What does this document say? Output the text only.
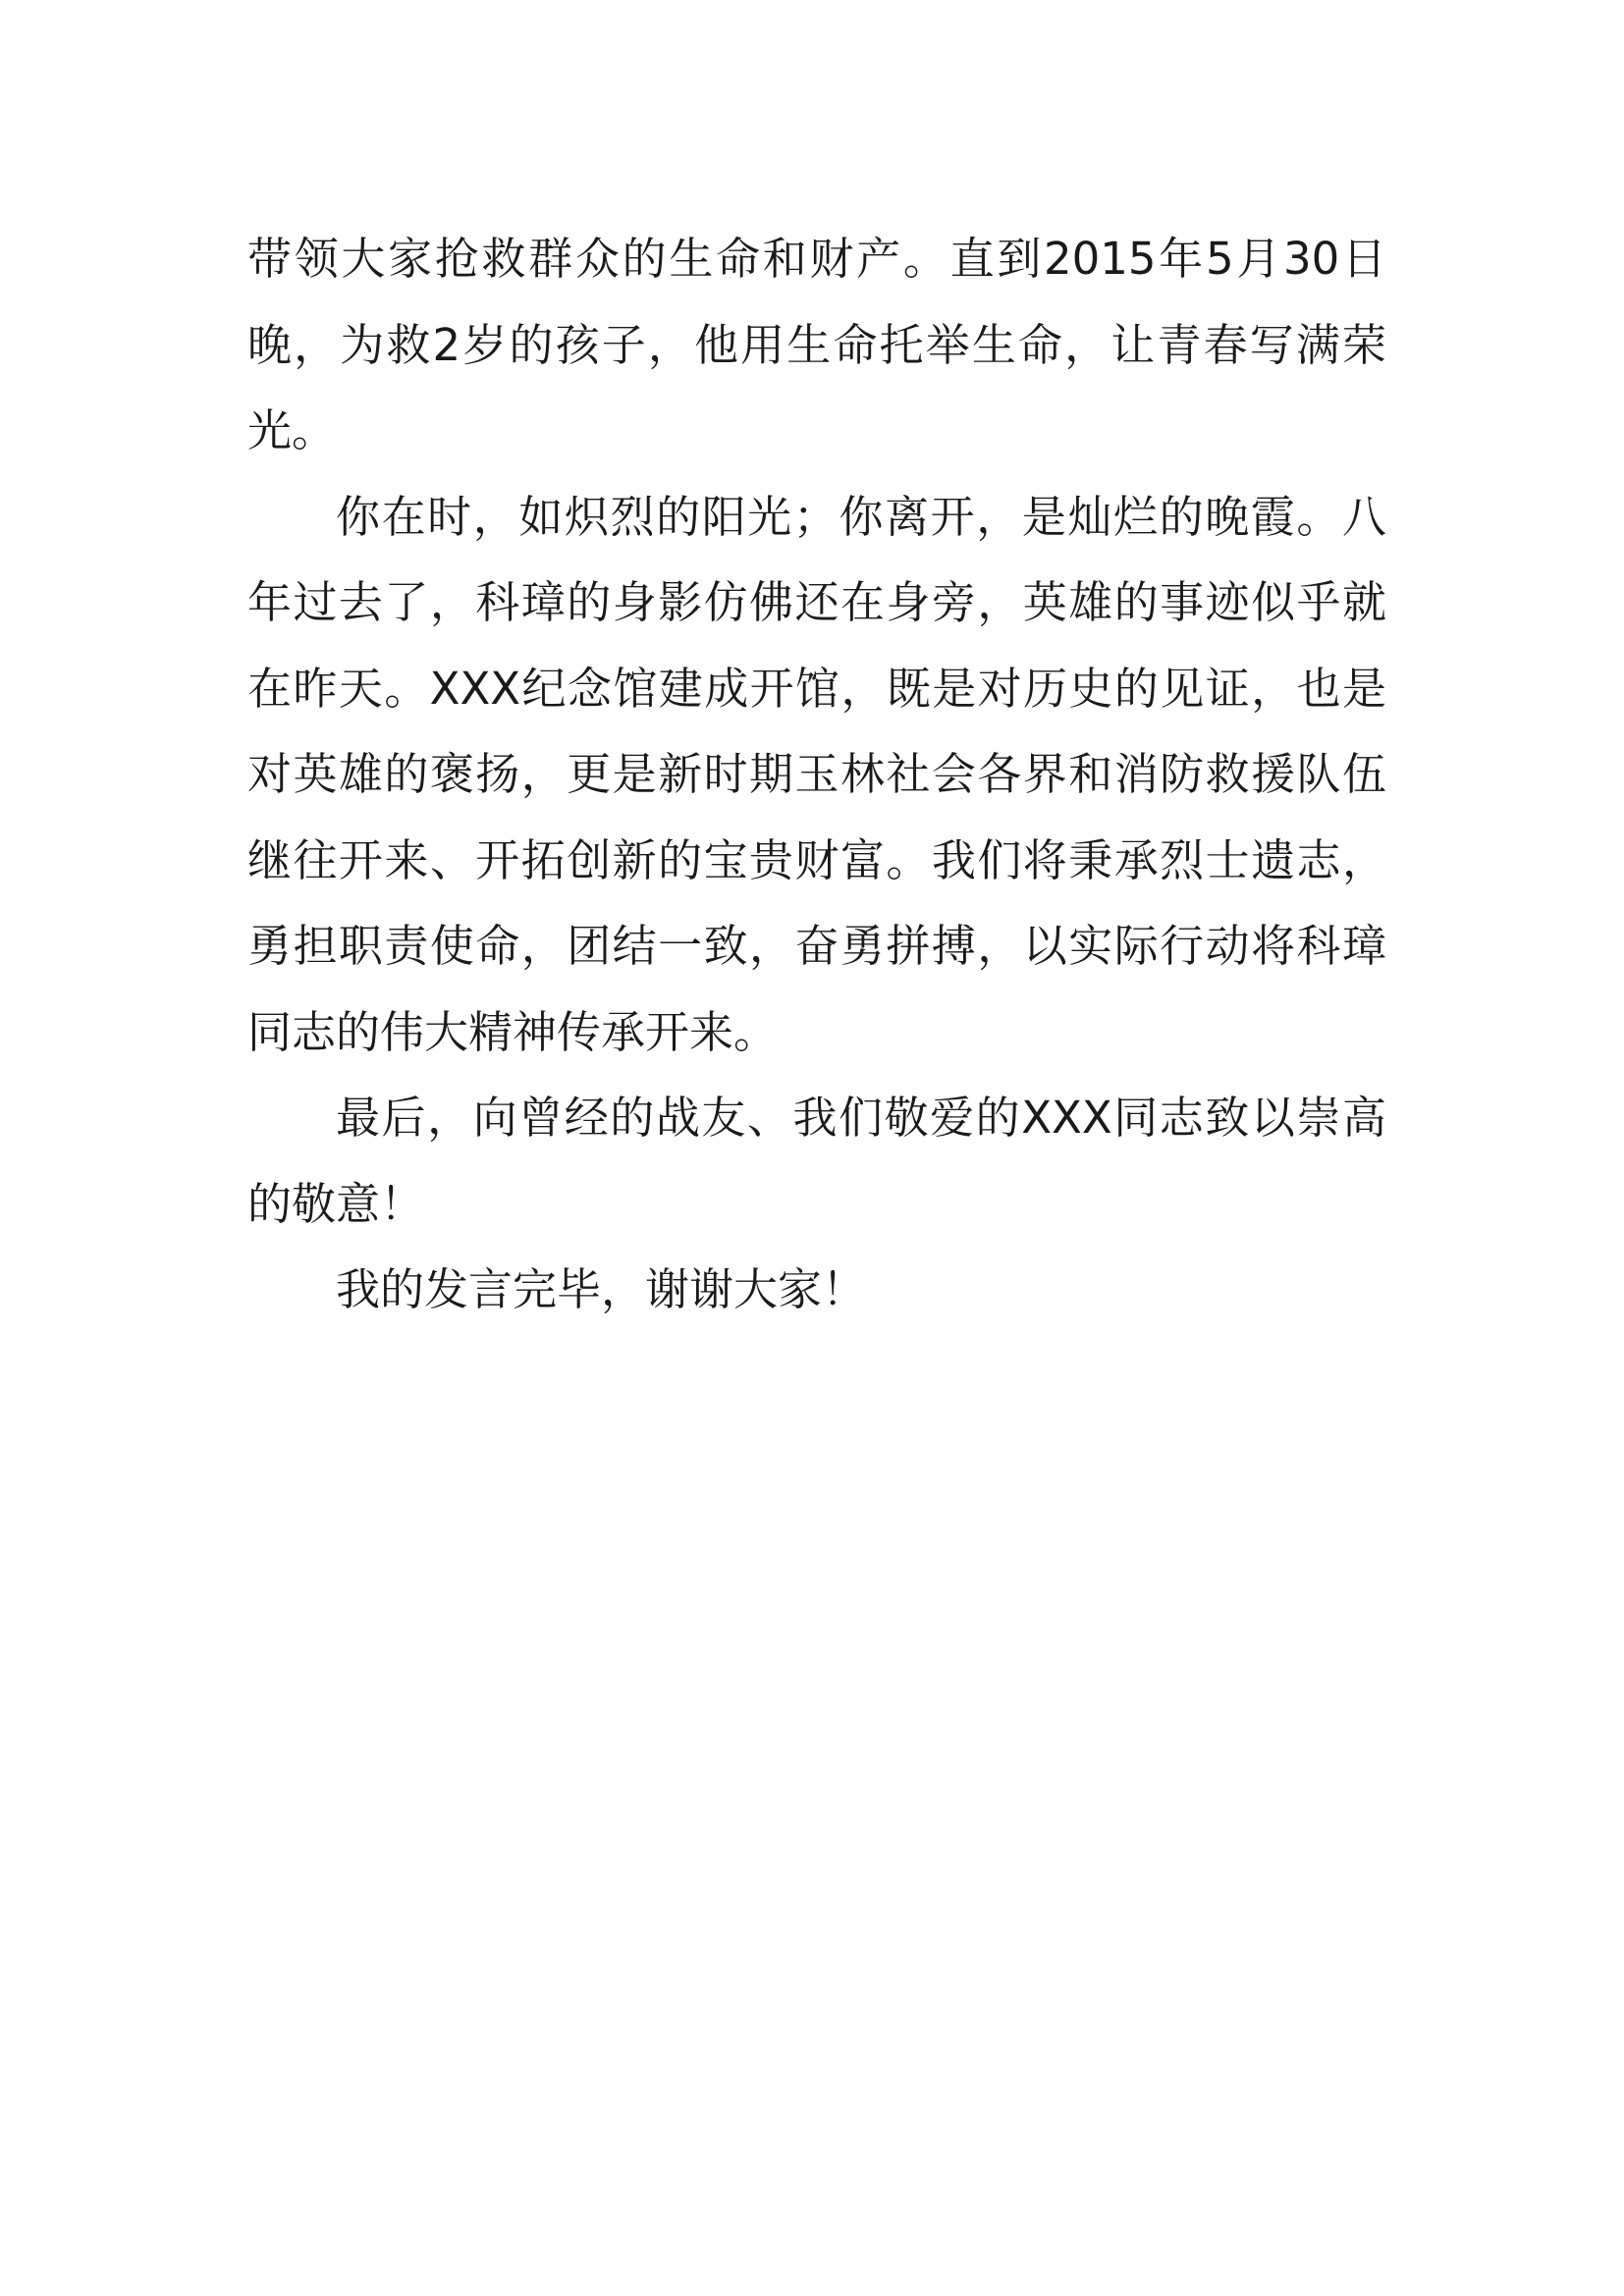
带领大家抢救群众的生命和财产。直到2015年5月30日
晚，为救2岁的孩子，他用生命托举生命，让青春写满荣
光。
你在时，如炽烈的阳光；你离开，是灿烂的晚霞。八
年过去了，科璋的身影仿佛还在身旁，英雄的事迹似乎就
在昨天。XXX纪念馆建成开馆，既是对历史的见证，也是
对英雄的褒扬，更是新时期玉林社会各界和消防救援队伍
继往开来、开拓创新的宝贵财富。我们将秉承烈士遗志，
勇担职责使命，团结一致，奋勇拼搏，以实际行动将科璋
同志的伟大精神传承开来。
最后，向曾经的战友、我们敬爱的XXX同志致以崇高
的敬意！
我的发言完毕，谢谢大家！
